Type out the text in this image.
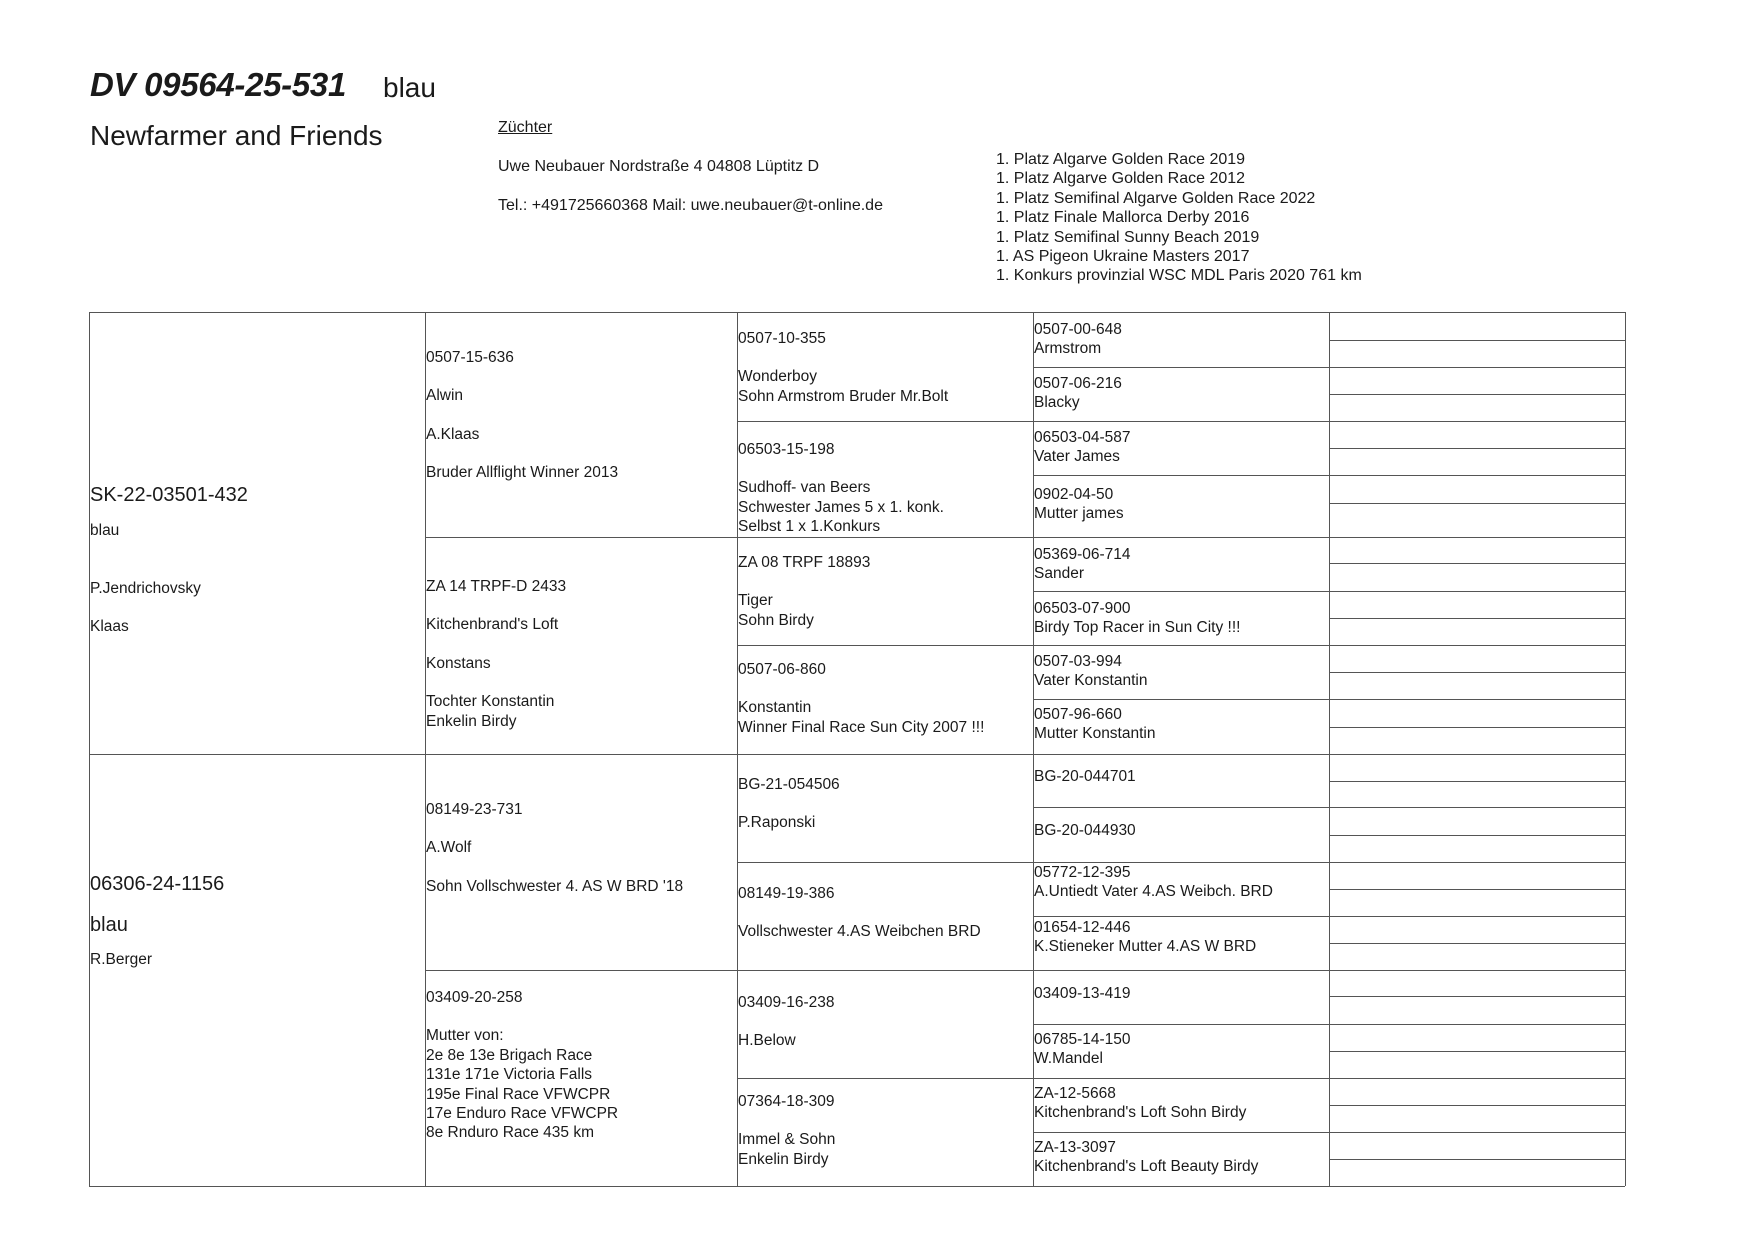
DV 09564-25-531 blau
Newfarmer and Friends	Züchter
Uwe Neubauer Nordstraße 4 04808 Lüptitz D
Tel.: +491725660368 Mail: uwe.neubauer@t-online.de
1. Platz Algarve Golden Race 2019
1. Platz Algarve Golden Race 2012
1. Platz Semifinal Algarve Golden Race 2022
1. Platz Finale Mallorca Derby 2016
1. Platz Semifinal Sunny Beach 2019
1. AS Pigeon Ukraine Masters 2017
1. Konkurs provinzial WSC MDL Paris 2020 761 km
SK-22-03501-432
blau
P.Jendrichovsky
Klaas
06306-24-1156
blau
R.Berger
0507-15-636
Alwin
A.Klaas
Bruder Allflight Winner 2013
ZA 14 TRPF-D 2433
Kitchenbrand's Loft
Konstans
Tochter Konstantin
Enkelin Birdy
08149-23-731
A.Wolf
Sohn Vollschwester 4. AS W BRD '18
03409-20-258
Mutter von:
2e 8e 13e Brigach Race
131e 171e Victoria Falls
195e Final Race VFWCPR
17e Enduro Race VFWCPR
8e Rnduro Race 435 km
0507-10-355
Wonderboy
Sohn Armstrom Bruder Mr.Bolt
06503-15-198
Sudhoff- van Beers
Schwester James 5 x 1. konk.
Selbst 1 x 1.Konkurs
ZA 08 TRPF 18893
Tiger
Sohn Birdy
0507-06-860
Konstantin
Winner Final Race Sun City 2007 !!!
BG-21-054506
P.Raponski
08149-19-386
Vollschwester 4.AS Weibchen BRD
03409-16-238
H.Below
07364-18-309
Immel & Sohn
Enkelin Birdy
0507-00-648
Armstrom
0507-06-216
Blacky
06503-04-587
Vater James
0902-04-50
Mutter james
05369-06-714
Sander
06503-07-900
Birdy Top Racer in Sun City !!!
0507-03-994
Vater Konstantin
0507-96-660
Mutter Konstantin
BG-20-044701
BG-20-044930
05772-12-395
A.Untiedt Vater 4.AS Weibch. BRD
01654-12-446
K.Stieneker Mutter 4.AS W BRD
03409-13-419
06785-14-150
W.Mandel
ZA-12-5668
Kitchenbrand's Loft Sohn Birdy
ZA-13-3097
Kitchenbrand's Loft Beauty Birdy
